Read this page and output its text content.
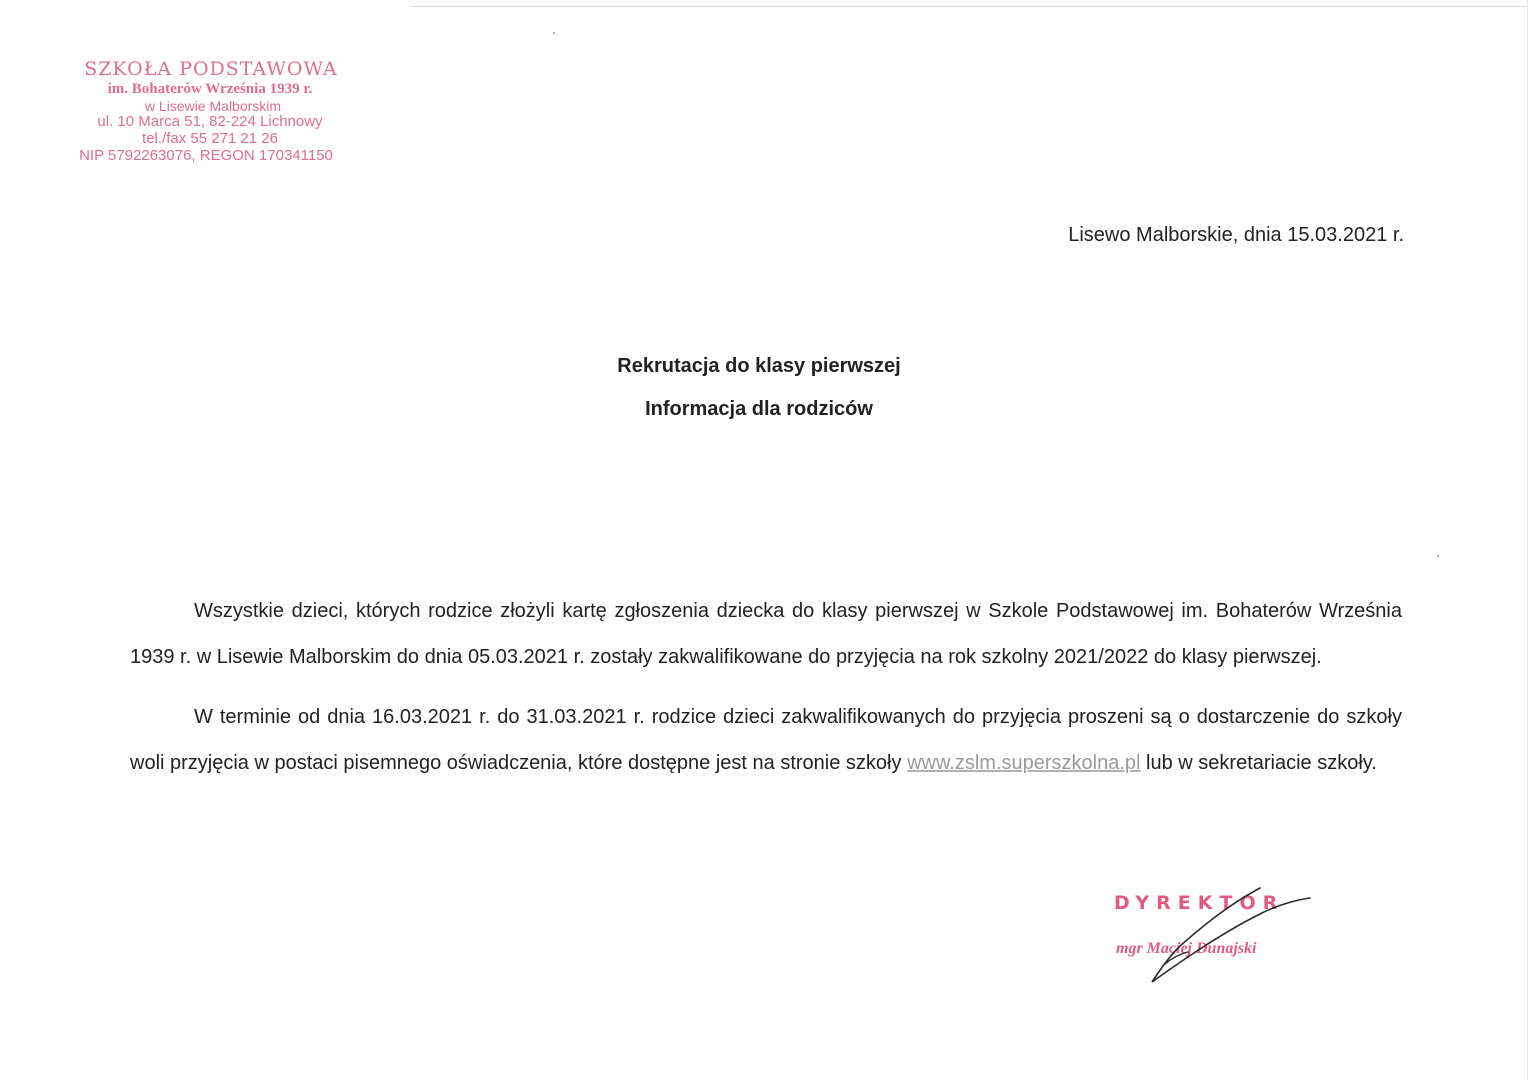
SZKOŁA PODSTAWOWA
im. Bohaterów Września 1939 r.
w Lisewie Malborskim
ul. 10 Marca 51, 82-224 Lichnowy
tel./fax 55 271 21 26
NIP 5792263076, REGON 170341150
Lisewo Malborskie, dnia 15.03.2021 r.
Rekrutacja do klasy pierwszej
Informacja dla rodziców

Wszystkie dzieci, których rodzice złożyli kartę zgłoszenia dziecka do klasy pierwszej w Szkole Podstawowej im. Bohaterów Września 1939 r. w Lisewie Malborskim do dnia 05.03.2021 r. zostały zakwalifikowane do przyjęcia na rok szkolny 2021/2022 do klasy pierwszej.

W terminie od dnia 16.03.2021 r. do 31.03.2021 r. rodzice dzieci zakwalifikowanych do przyjęcia proszeni są o dostarczenie do szkoły woli przyjęcia w postaci pisemnego oświadczenia, które dostępne jest na stronie szkoły www.zslm.superszkolna.pl lub w sekretariacie szkoły.

DYREKTOR
mgr Maciej Dunajski
